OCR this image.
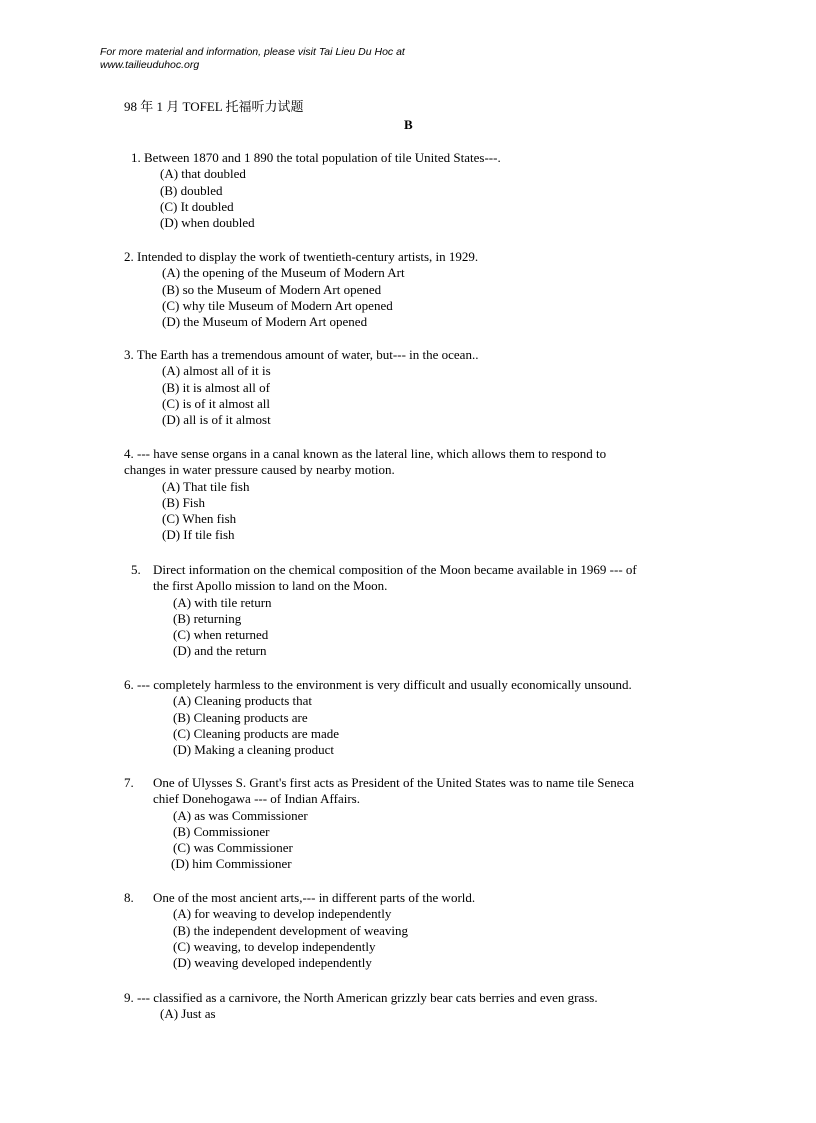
For more material and information, please visit Tai Lieu Du Hoc at
www.tailieuduhoc.org
98 年 1 月 TOFEL 托福听力试题
B
1. Between 1870 and 1 890 the total population of tile United States---.
(A) that doubled
(B) doubled
(C) It doubled
(D) when doubled
2. Intended to display the work of twentieth-century artists, in 1929.
(A) the opening of the Museum of Modern Art
(B) so the Museum of Modern Art opened
(C) why tile Museum of Modern Art opened
(D) the Museum of Modern Art opened
3. The Earth has a tremendous amount of water, but--- in the ocean..
(A) almost all of it is
(B) it is almost all of
(C) is of it almost all
(D) all is of it almost
4. --- have sense organs in a canal known as the lateral line, which allows them to respond to
changes in water pressure caused by nearby motion.
(A) That tile fish
(B) Fish
(C) When fish
(D) If tile fish
5. Direct information on the chemical composition of the Moon became available in 1969 --- of
the first Apollo mission to land on the Moon.
(A) with tile return
(B) returning
(C) when returned
(D) and the return
6. --- completely harmless to the environment is very difficult and usually economically unsound.
(A) Cleaning products that
(B) Cleaning products are
(C) Cleaning products are made
(D) Making a cleaning product
7. One of Ulysses S. Grant's first acts as President of the United States was to name tile Seneca
chief Donehogawa --- of Indian Affairs.
(A) as was Commissioner
(B) Commissioner
(C) was Commissioner
(D) him Commissioner
8. One of the most ancient arts,--- in different parts of the world.
(A) for weaving to develop independently
(B) the independent development of weaving
(C) weaving, to develop independently
(D) weaving developed independently
9. --- classified as a carnivore, the North American grizzly bear cats berries and even grass.
(A) Just as
